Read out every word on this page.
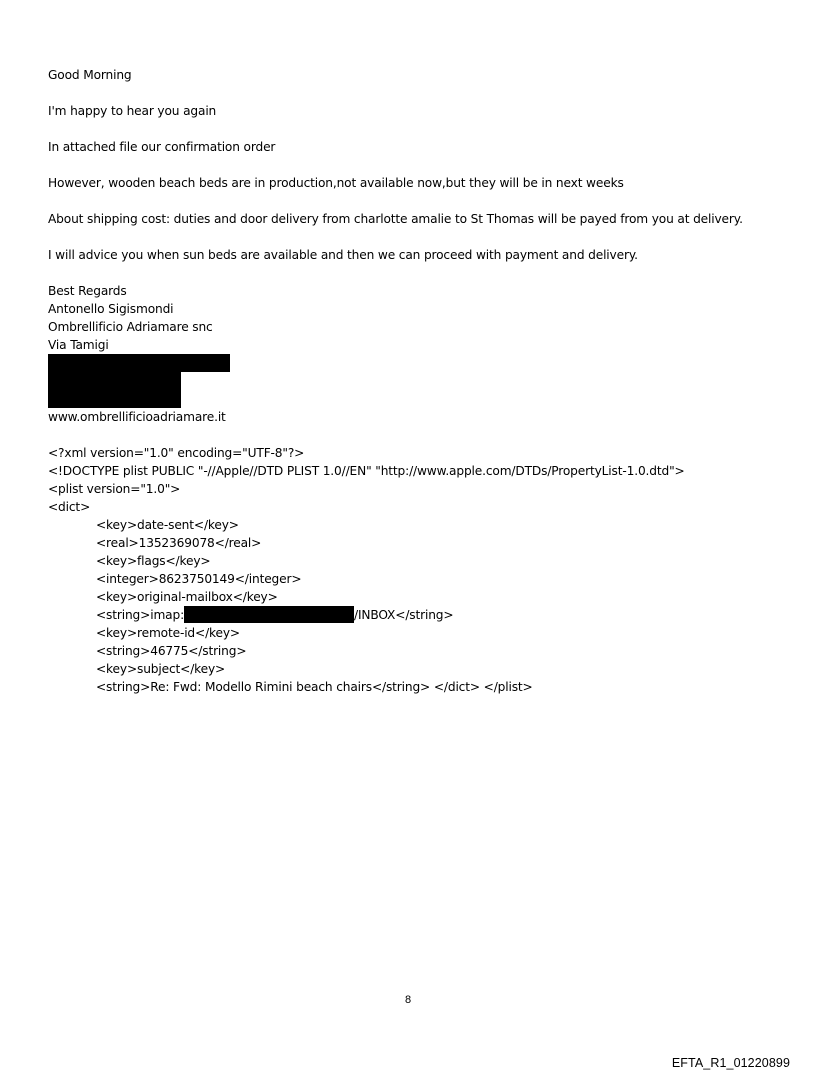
Good Morning
I'm happy to hear you again
In attached file our confirmation order
However, wooden beach beds are in production,not available now,but they will be in next weeks
About shipping cost: duties and door delivery from charlotte amalie to St Thomas will be payed from you at delivery.
I will advice you when sun beds are available and then we can proceed with payment and delivery.
Best Regards
Antonello Sigismondi
Ombrellificio Adriamare snc
Via Tamigi
www.ombrellificioadriamare.it
<?xml version="1.0" encoding="UTF-8"?>
<!DOCTYPE plist PUBLIC "-//Apple//DTD PLIST 1.0//EN" "http://www.apple.com/DTDs/PropertyList-1.0.dtd">
<plist version="1.0">
<dict>
<key>date-sent</key>
<real>1352369078</real>
<key>flags</key>
<integer>8623750149</integer>
<key>original-mailbox</key>
<string>imap:	/INBOX</string>
<key>remote-id</key>
<string>46775</string>
<key>subject</key>
<string>Re: Fwd: Modello Rimini beach chairs</string> </dict> </plist>
8
EFTA_R1_01220899
